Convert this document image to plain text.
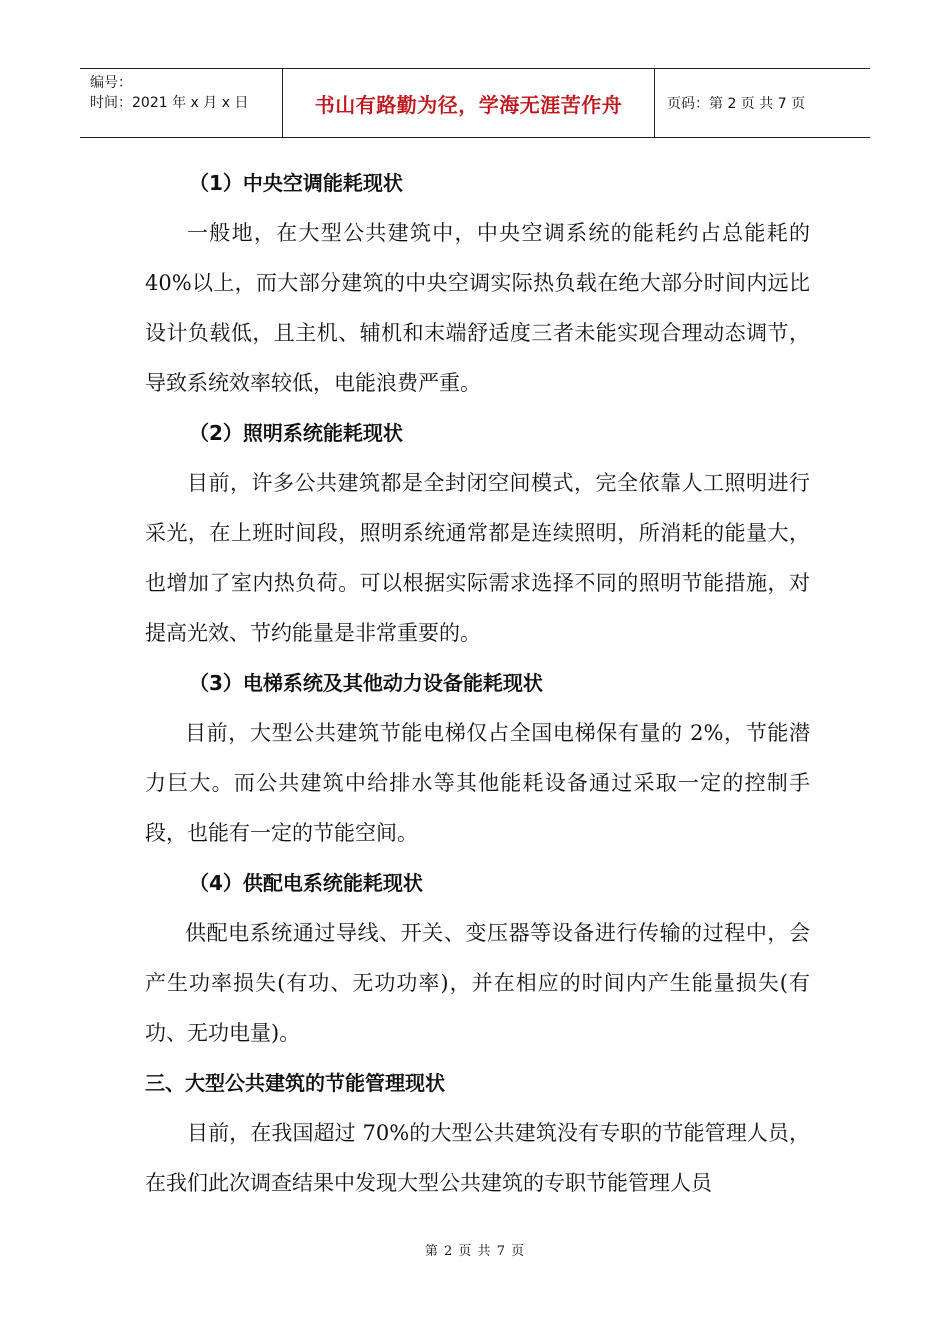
编号：
时间：2021 年 x 月 x 日	书山有路勤为径，学海无涯苦作舟	页码：第 2 页 共 7 页

（1）中央空调能耗现状

一般地，在大型公共建筑中，中央空调系统的能耗约占总能耗的 40%以上，而大部分建筑的中央空调实际热负载在绝大部分时间内远比设计负载低，且主机、辅机和末端舒适度三者未能实现合理动态调节，导致系统效率较低，电能浪费严重。

（2）照明系统能耗现状

目前，许多公共建筑都是全封闭空间模式，完全依靠人工照明进行采光，在上班时间段，照明系统通常都是连续照明，所消耗的能量大，也增加了室内热负荷。可以根据实际需求选择不同的照明节能措施，对提高光效、节约能量是非常重要的。

（3）电梯系统及其他动力设备能耗现状

目前，大型公共建筑节能电梯仅占全国电梯保有量的 2%，节能潜力巨大。而公共建筑中给排水等其他能耗设备通过采取一定的控制手段，也能有一定的节能空间。

（4）供配电系统能耗现状

供配电系统通过导线、开关、变压器等设备进行传输的过程中，会产生功率损失(有功、无功功率)，并在相应的时间内产生能量损失(有功、无功电量)。

三、大型公共建筑的节能管理现状

目前，在我国超过 70%的大型公共建筑没有专职的节能管理人员，在我们此次调查结果中发现大型公共建筑的专职节能管理人员

第 2 页 共 7 页
